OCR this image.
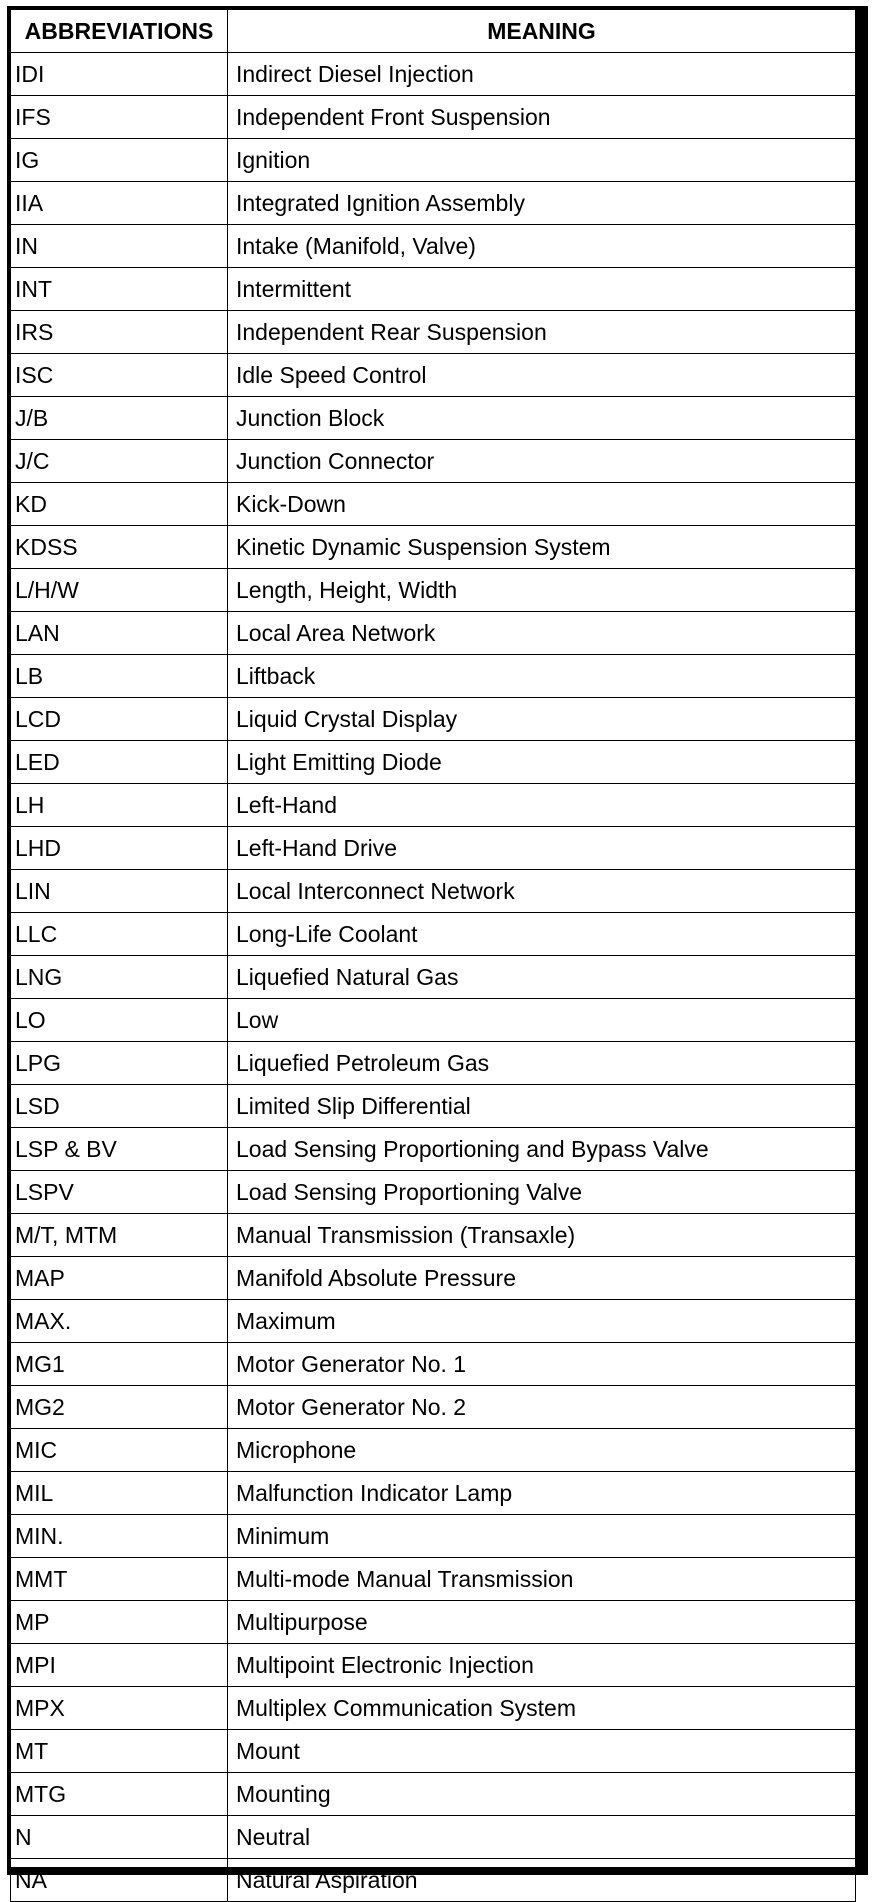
ABBREVIATIONS	MEANING
IDI	Indirect Diesel Injection
IFS	Independent Front Suspension
IG	Ignition
IIA	Integrated Ignition Assembly
IN	Intake (Manifold, Valve)
INT	Intermittent
IRS	Independent Rear Suspension
ISC	Idle Speed Control
J/B	Junction Block
J/C	Junction Connector
KD	Kick-Down
KDSS	Kinetic Dynamic Suspension System
L/H/W	Length, Height, Width
LAN	Local Area Network
LB	Liftback
LCD	Liquid Crystal Display
LED	Light Emitting Diode
LH	Left-Hand
LHD	Left-Hand Drive
LIN	Local Interconnect Network
LLC	Long-Life Coolant
LNG	Liquefied Natural Gas
LO	Low
LPG	Liquefied Petroleum Gas
LSD	Limited Slip Differential
LSP & BV	Load Sensing Proportioning and Bypass Valve
LSPV	Load Sensing Proportioning Valve
M/T, MTM	Manual Transmission (Transaxle)
MAP	Manifold Absolute Pressure
MAX.	Maximum
MG1	Motor Generator No. 1
MG2	Motor Generator No. 2
MIC	Microphone
MIL	Malfunction Indicator Lamp
MIN.	Minimum
MMT	Multi-mode Manual Transmission
MP	Multipurpose
MPI	Multipoint Electronic Injection
MPX	Multiplex Communication System
MT	Mount
MTG	Mounting
N	Neutral
NA	Natural Aspiration
